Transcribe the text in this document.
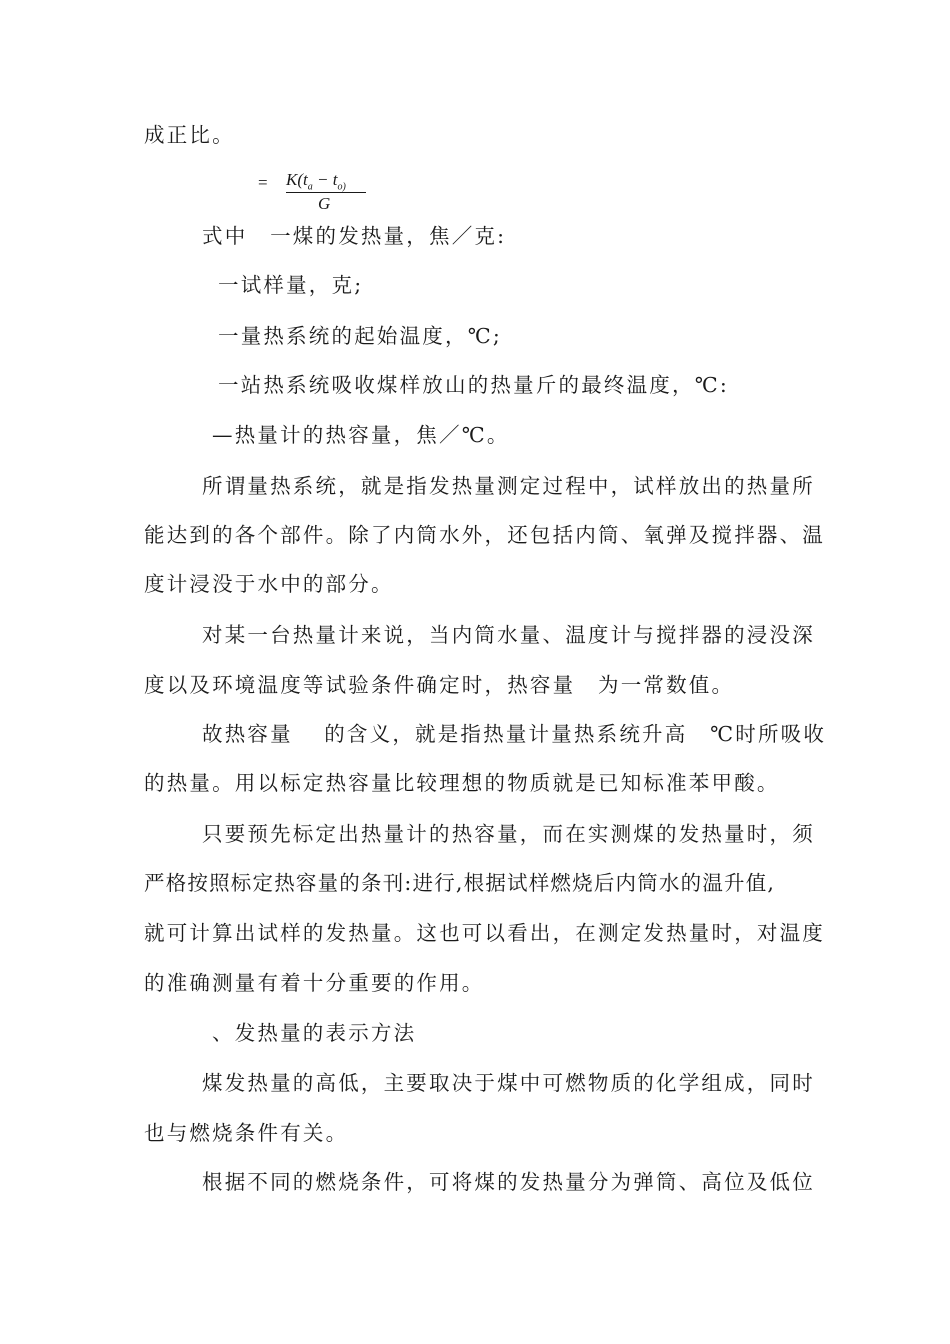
成正比。
= $K(t_a - t_{o)}$
G
式中　一煤的发热量，焦／克:
一试样量，克;
一量热系统的起始温度，℃;
一站热系统吸收煤样放山的热量斤的最终温度，℃:
—热量计的热容量，焦／℃。
所谓量热系统，就是指发热量测定过程中，试样放出的热量所
能达到的各个部件。除了内筒水外，还包括内筒、氧弹及搅拌器、温
度计浸没于水中的部分。
对某一台热量计来说，当内筒水量、温度计与搅拌器的浸没深
度以及环境温度等试验条件确定时，热容量　为一常数值。
故热容量　 的含义，就是指热量计量热系统升高　℃时所吸收
的热量。用以标定热容量比较理想的物质就是已知标准苯甲酸。
只要预先标定出热量计的热容量，而在实测煤的发热量时，须
严格按照标定热容量的条刊:进行,根据试样燃烧后内筒水的温升值,
就可计算出试样的发热量。这也可以看出，在测定发热量时，对温度
的准确测量有着十分重要的作用。
、发热量的表示方法
煤发热量的高低，主要取决于煤中可燃物质的化学组成，同时
也与燃烧条件有关。
根据不同的燃烧条件，可将煤的发热量分为弹筒、高位及低位
